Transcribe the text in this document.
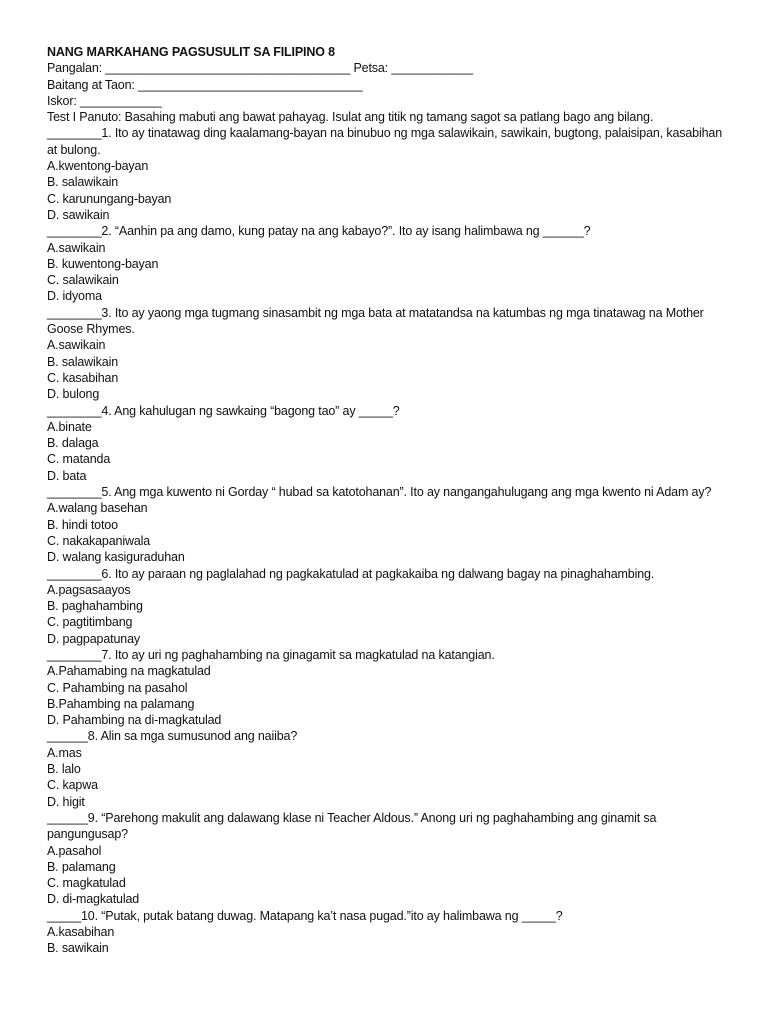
NANG MARKAHANG PAGSUSULIT SA FILIPINO 8
Pangalan: ____________________________________ Petsa: ____________
Baitang at Taon: _________________________________
Iskor: ____________
Test I Panuto: Basahing mabuti ang bawat pahayag. Isulat ang titik ng tamang sagot sa patlang bago ang bilang.
________1. Ito ay tinatawag ding kaalamang-bayan na binubuo ng mga salawikain, sawikain, bugtong, palaisipan, kasabihan at bulong.
A.kwentong-bayan
B. salawikain
C. karunungang-bayan
D. sawikain
________2. “Aanhin pa ang damo, kung patay na ang kabayo?”. Ito ay isang halimbawa ng ______?
A.sawikain
B. kuwentong-bayan
C. salawikain
D. idyoma
________3. Ito ay yaong mga tugmang sinasambit ng mga bata at matatandsa na katumbas ng mga tinatawag na Mother Goose Rhymes.
A.sawikain
B. salawikain
C. kasabihan
D. bulong
________4. Ang kahulugan ng sawkaing “bagong tao” ay _____?
A.binate
B. dalaga
C. matanda
D. bata
________5. Ang mga kuwento ni Gorday “ hubad sa katotohanan”. Ito ay nangangahulugang ang mga kwento ni Adam ay?
A.walang basehan
B. hindi totoo
C. nakakapaniwala
D. walang kasiguraduhan
________6. Ito ay paraan ng paglalahad ng pagkakatulad at pagkakaiba ng dalwang bagay na pinaghahambing.
A.pagsasaayos
B. paghahambing
C. pagtitimbang
D. pagpapatunay
________7. Ito ay uri ng paghahambing na ginagamit sa magkatulad na katangian.
A.Pahamabing na magkatulad
C. Pahambing na pasahol
B.Pahambing na palamang
D. Pahambing na di-magkatulad
______8. Alin sa mga sumusunod ang naiiba?
A.mas
B. lalo
C. kapwa
D. higit
______9. “Parehong makulit ang dalawang klase ni Teacher Aldous.” Anong uri ng paghahambing ang ginamit sa pangungusap?
A.pasahol
B. palamang
C. magkatulad
D. di-magkatulad
_____10. “Putak, putak batang duwag. Matapang ka’t nasa pugad.”ito ay halimbawa ng _____?
A.kasabihan
B. sawikain
